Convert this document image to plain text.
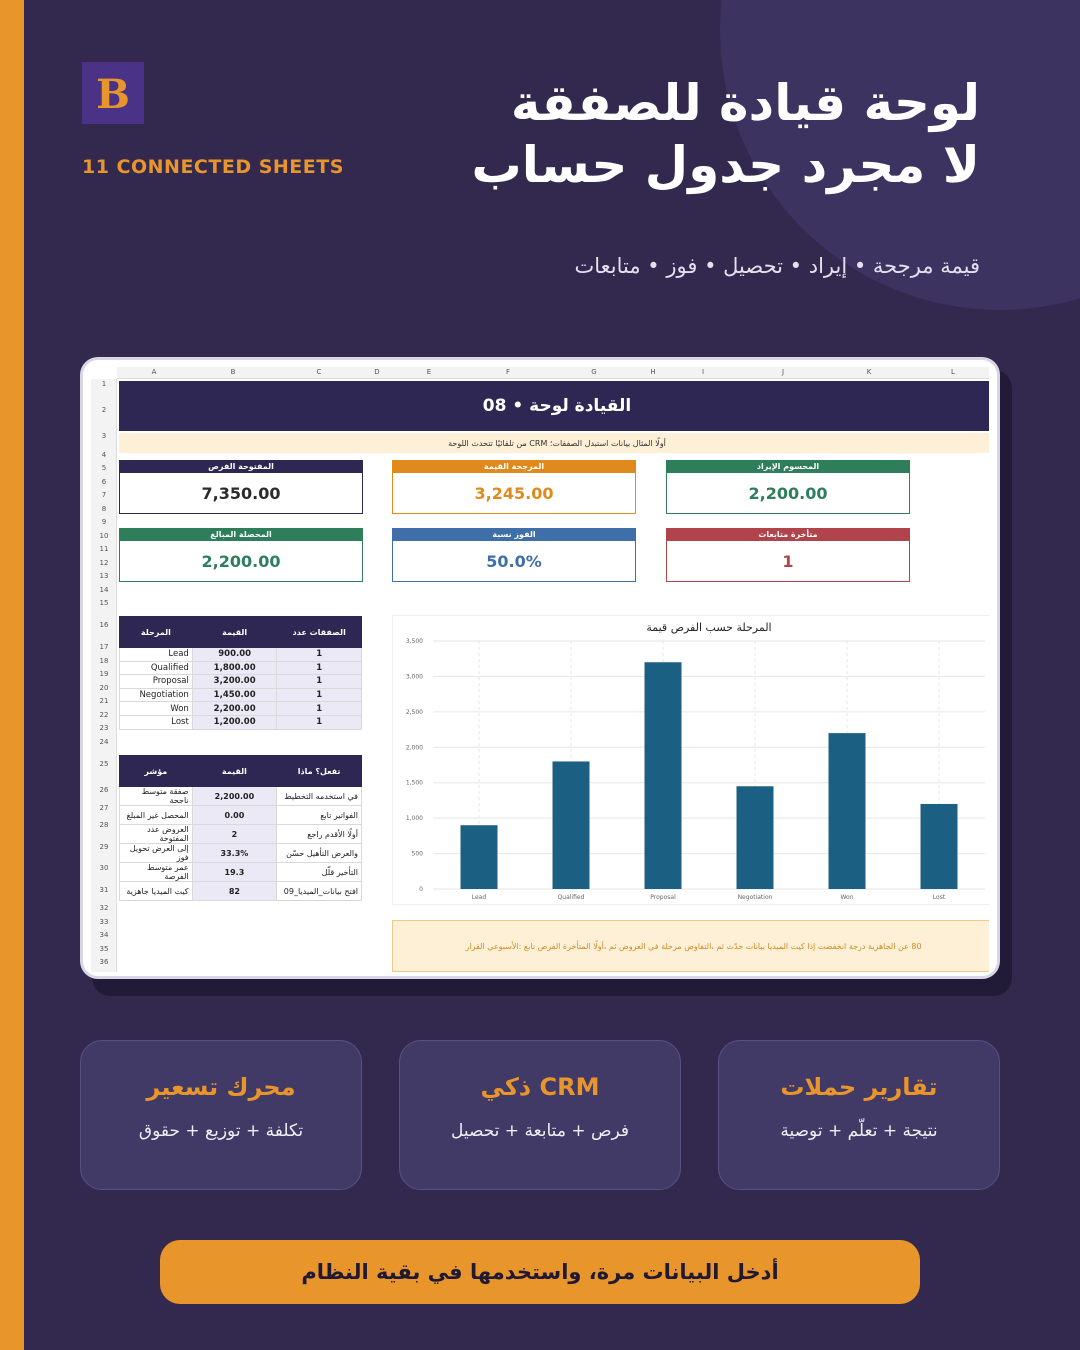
B
11 CONNECTED SHEETS
لوحة قيادة للصفقة
لا مجرد جدول حساب
قيمة مرجحة • إيراد • تحصيل • فوز • متابعات
A	B	C	D	E	F	G	H	I	J	K	L
1
2
3
4
5
6
7
8
9
10
11
12
13
14
15
16
17
18
19
20
21
22
23
24
25
26
27
28
29
30
31
32
33
34
35
36
القيادة لوحة • 08
أولًا المثال بيانات استبدل الصفقات؛ CRM من تلقائيًا تتحدث اللوحة
المفتوحة الفرص
7,350.00
المرجحة القيمة
3,245.00
المحسوم الإيراد
2,200.00
المحصلة المبالغ
2,200.00
الفوز نسبة
50.0%
متأخرة متابعات
1
المرحلة	القيمة	الصفقات عدد
Lead	900.00	1
Qualified	1,800.00	1
Proposal	3,200.00	1
Negotiation	1,450.00	1
Won	2,200.00	1
Lost	1,200.00	1
مؤشر	القيمة	تفعل؟ ماذا
صفقة متوسط ناجحة	2,200.00	في استخدمه التخطيط
المحصل غير المبلغ	0.00	الفواتير تابع
العروض عدد المفتوحة	2	أولًا الأقدم راجع
إلى العرض تحويل فوز	33.3%	والعرض التأهيل حسّن
عمر متوسط الفرصة	19.3	التأخير قلّل
كيت الميديا جاهزية	82	افتح بيانات_الميديا_09
المرحلة حسب الفرص قيمة
0
500
1,000
1,500
2,000
2,500
3,000
3,500
Lead	Qualified	Proposal	Negotiation	Won	Lost
80 عن الجاهزية درجة انخفضت إذا كيت الميديا بيانات حدّث ثم ،التفاوض مرحلة في العروض ثم ،أولًا المتأخرة الفرص تابع :الأسبوعي القرار
تقارير حملات
نتيجة + تعلّم + توصية
CRM ذكي
فرص + متابعة + تحصيل
محرك تسعير
تكلفة + توزيع + حقوق
أدخل البيانات مرة، واستخدمها في بقية النظام
